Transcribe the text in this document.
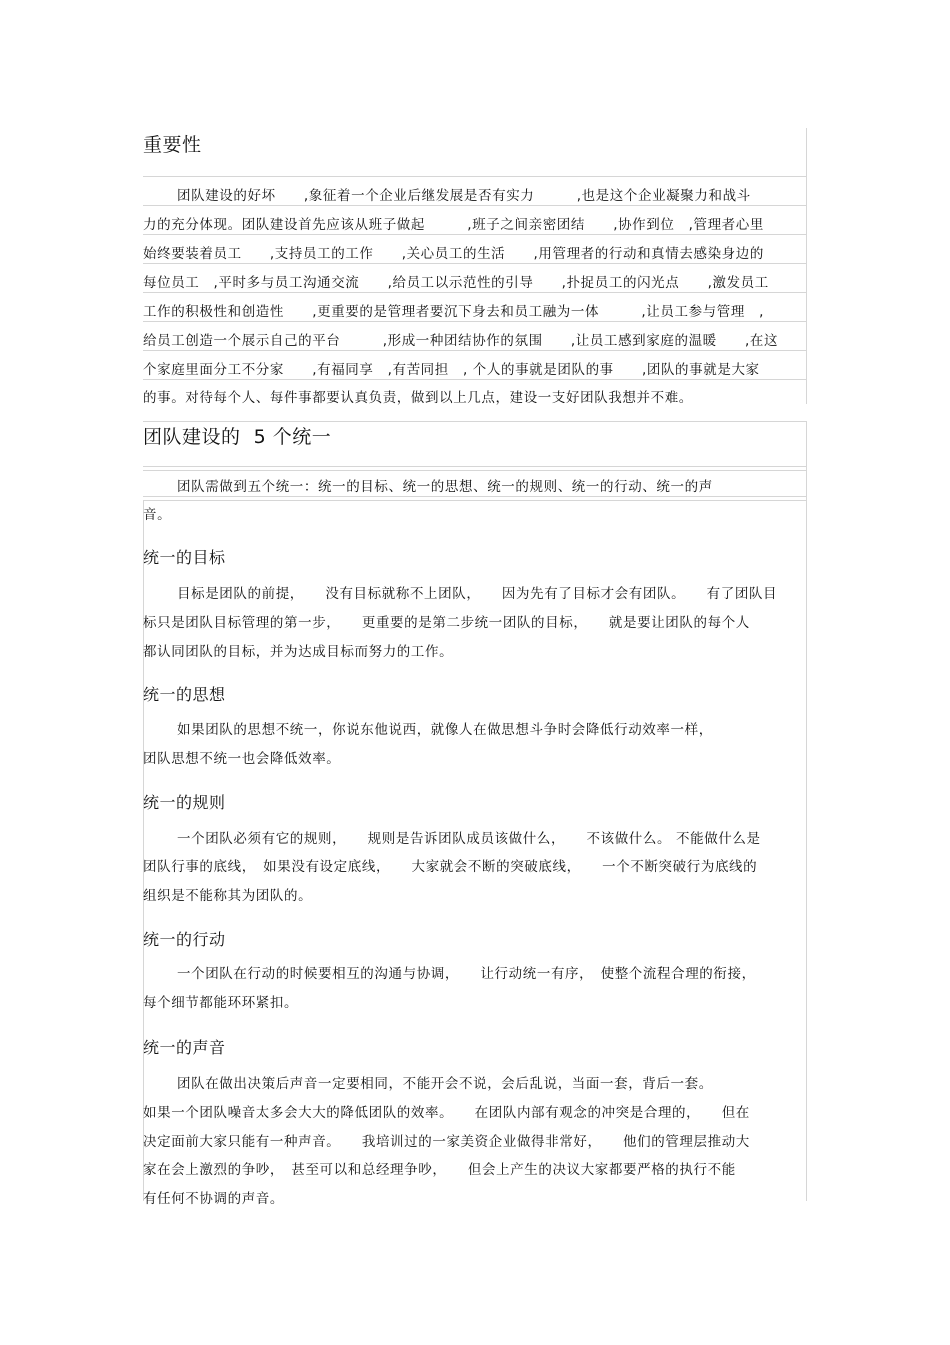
重要性
团队建设的好坏　　,象征着一个企业后继发展是否有实力　　　,也是这个企业凝聚力和战斗
力的充分体现。团队建设首先应该从班子做起　　　,班子之间亲密团结　　,协作到位　,管理者心里
始终要装着员工　　,支持员工的工作　　,关心员工的生活　　,用管理者的行动和真情去感染身边的
每位员工　,平时多与员工沟通交流　　,给员工以示范性的引导　　,扑捉员工的闪光点　　,激发员工
工作的积极性和创造性　　,更重要的是管理者要沉下身去和员工融为一体　　　,让员工参与管理　,
给员工创造一个展示自己的平台　　　,形成一种团结协作的氛围　　,让员工感到家庭的温暖　　,在这
个家庭里面分工不分家　　,有福同享　,有苦同担　, 个人的事就是团队的事　　,团队的事就是大家
的事。对待每个人、每件事都要认真负责，做到以上几点，建设一支好团队我想并不难。
团队建设的  5 个统一
团队需做到五个统一：统一的目标、统一的思想、统一的规则、统一的行动、统一的声
音。
统一的目标
目标是团队的前提，　　没有目标就称不上团队，　　因为先有了目标才会有团队。　　有了团队目
标只是团队目标管理的第一步，　　更重要的是第二步统一团队的目标，　　就是要让团队的每个人
都认同团队的目标，并为达成目标而努力的工作。
统一的思想
如果团队的思想不统一，你说东他说西，就像人在做思想斗争时会降低行动效率一样，
团队思想不统一也会降低效率。
统一的规则
一个团队必须有它的规则，　　规则是告诉团队成员该做什么，　　不该做什么。 不能做什么是
团队行事的底线，　如果没有设定底线，　　大家就会不断的突破底线，　　一个不断突破行为底线的
组织是不能称其为团队的。
统一的行动
一个团队在行动的时候要相互的沟通与协调，　　让行动统一有序，　使整个流程合理的衔接，
每个细节都能环环紧扣。
统一的声音
团队在做出决策后声音一定要相同，不能开会不说，会后乱说，当面一套，背后一套。
如果一个团队噪音太多会大大的降低团队的效率。　　在团队内部有观念的冲突是合理的，　　但在
决定面前大家只能有一种声音。　　我培训过的一家美资企业做得非常好，　　他们的管理层推动大
家在会上激烈的争吵，　甚至可以和总经理争吵，　　但会上产生的决议大家都要严格的执行不能
有任何不协调的声音。
